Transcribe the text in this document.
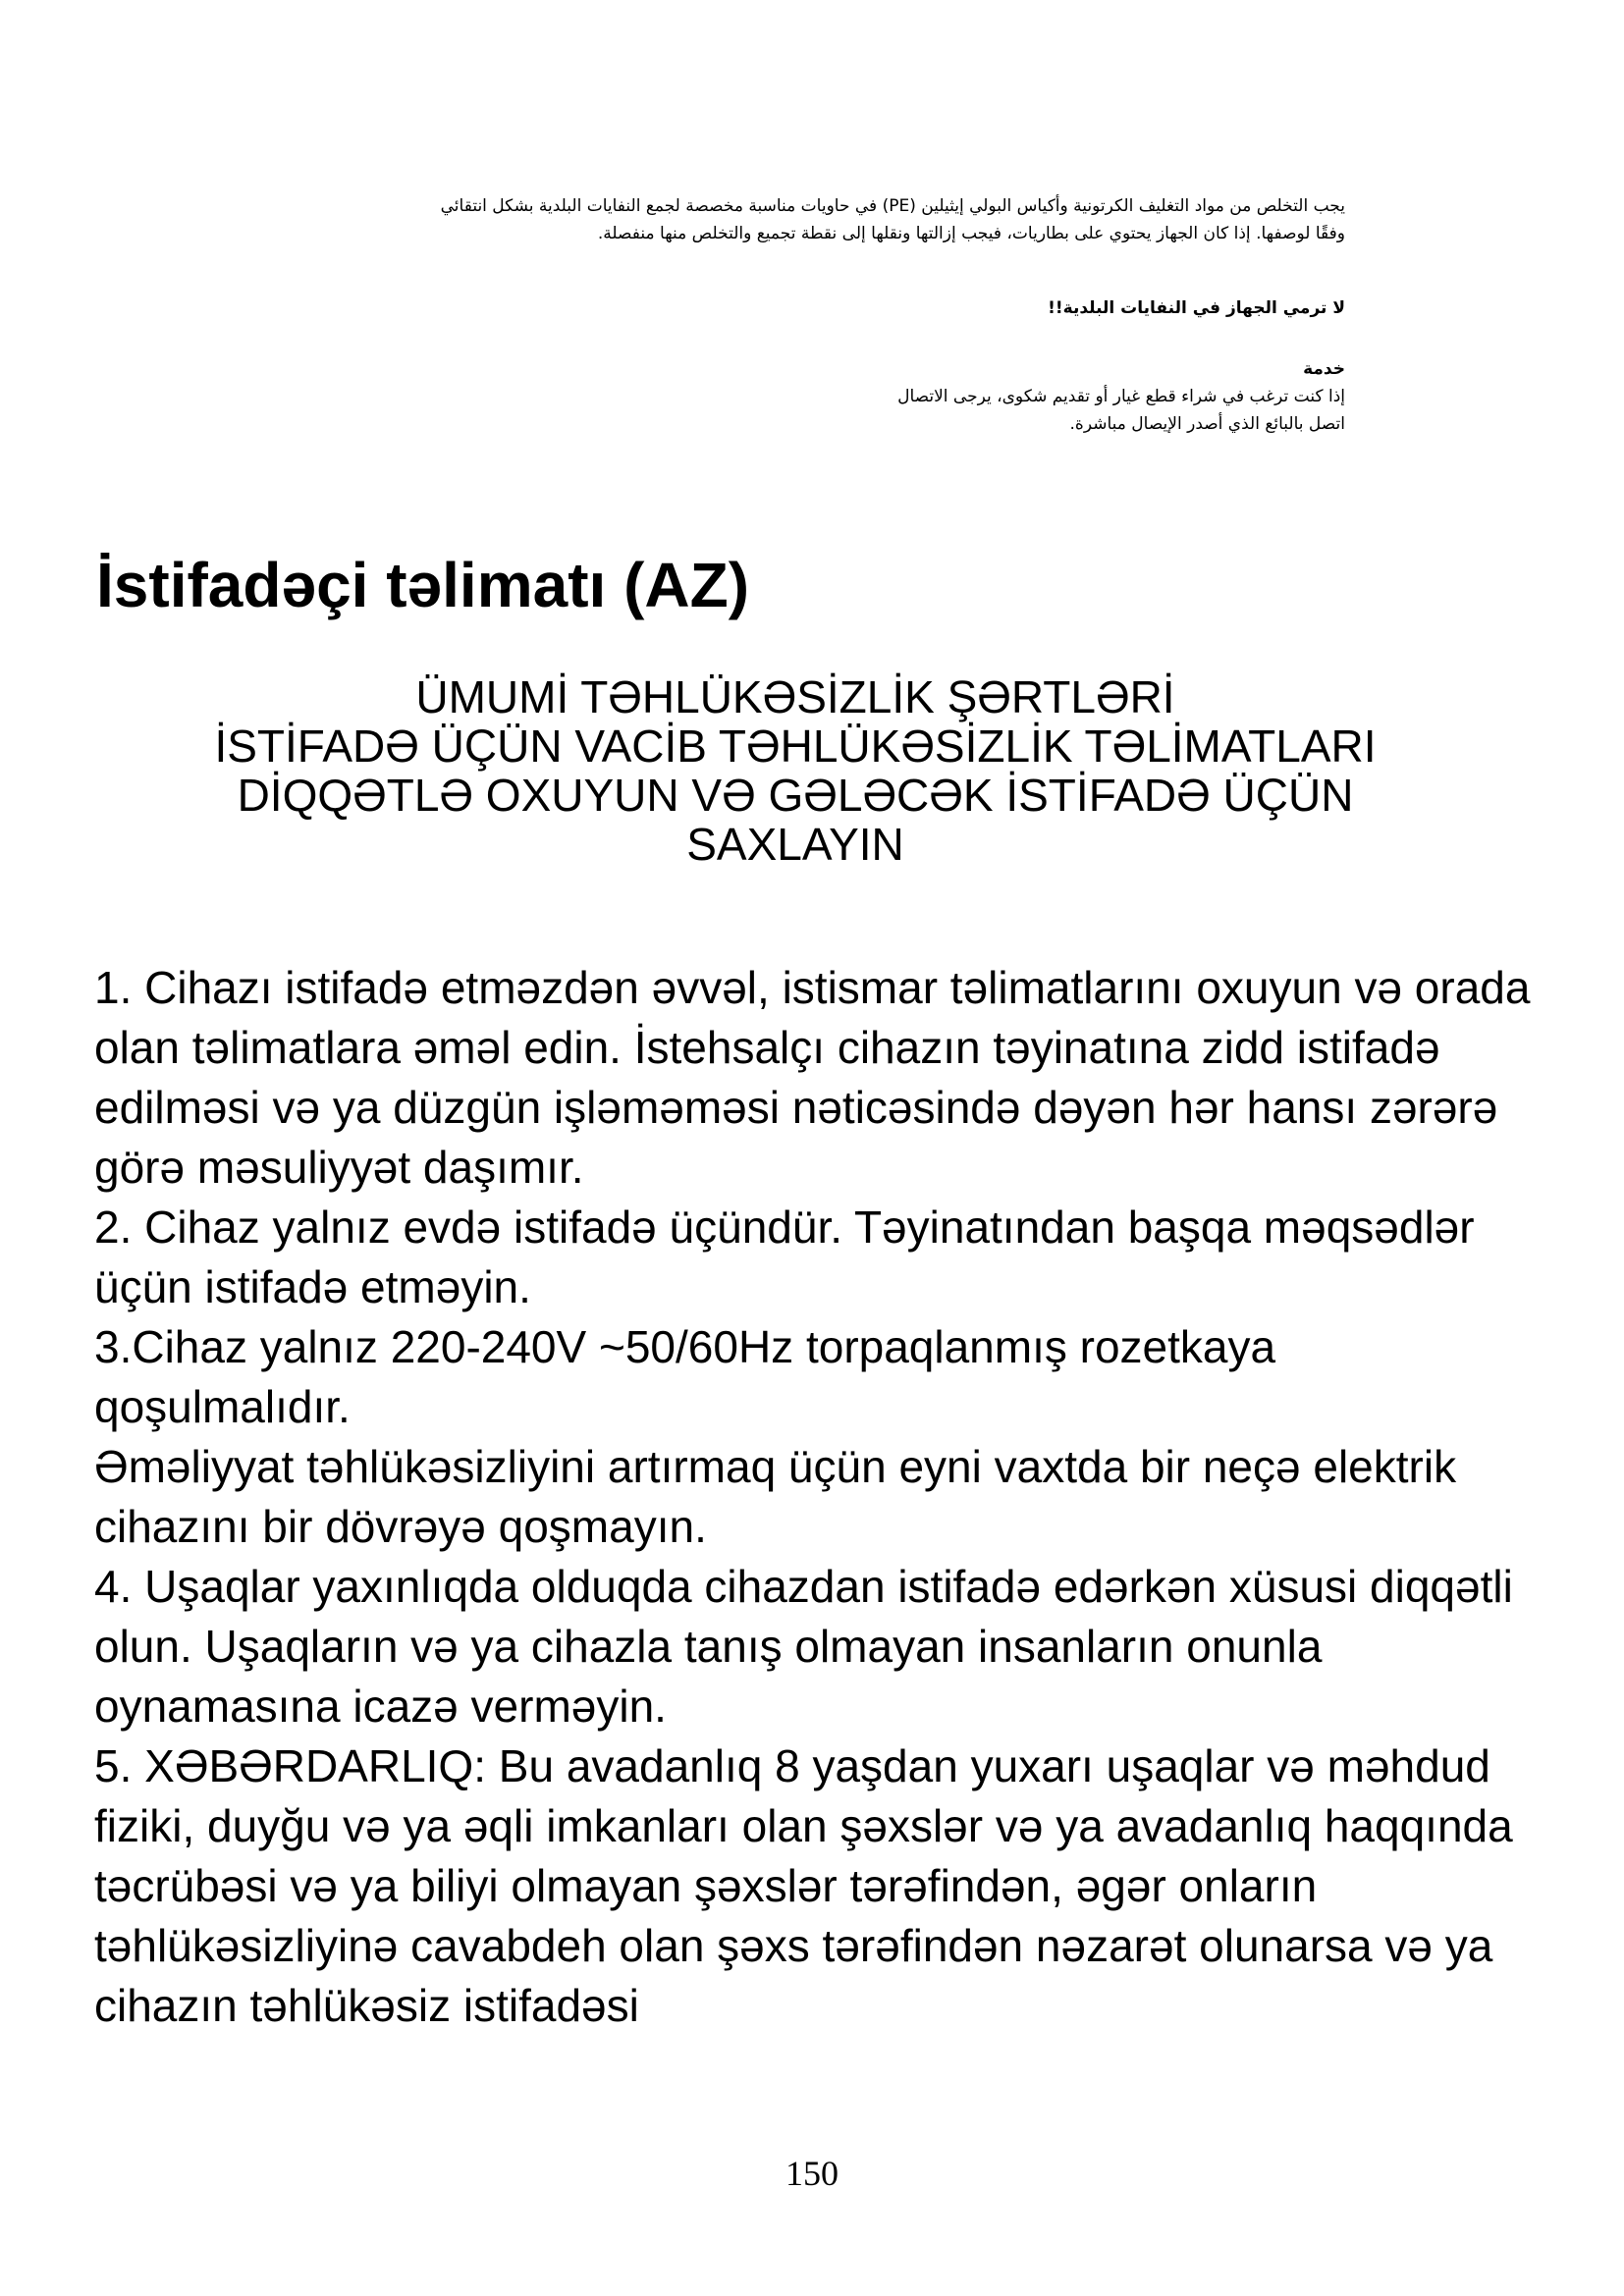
يجب التخلص من مواد التغليف الكرتونية وأكياس البولي إيثيلين (PE) في حاويات مناسبة مخصصة لجمع النفايات البلدية بشكل انتقائي

وفقًا لوصفها. إذا كان الجهاز يحتوي على بطاريات، فيجب إزالتها ونقلها إلى نقطة تجميع والتخلص منها منفصلة.

لا ترمي الجهاز في النفايات البلدية!!

خدمة

إذا كنت ترغب في شراء قطع غيار أو تقديم شكوى، يرجى الاتصال

اتصل بالبائع الذي أصدر الإيصال مباشرة.

İstifadəçi təlimatı (AZ)
ÜMUMİ TƏHLÜKƏSİZLİK ŞƏRTLƏRİ
İSTİFADƏ ÜÇÜN VACİB TƏHLÜKƏSİZLİK TƏLİMATLARI
DİQQƏTLƏ OXUYUN VƏ GƏLƏCƏK İSTİFADƏ ÜÇÜN
SAXLAYIN

1. Cihazı istifadə etməzdən əvvəl, istismar təlimatlarını oxuyun və orada olan təlimatlara əməl edin. İstehsalçı cihazın təyinatına zidd istifadə edilməsi və ya düzgün işləməməsi nəticəsində dəyən hər hansı zərərə görə məsuliyyət daşımır.

2. Cihaz yalnız evdə istifadə üçündür. Təyinatından başqa məqsədlər üçün istifadə etməyin.

3.Cihaz yalnız 220-240V ~50/60Hz torpaqlanmış rozetkaya qoşulmalıdır.

Əməliyyat təhlükəsizliyini artırmaq üçün eyni vaxtda bir neçə elektrik cihazını bir dövrəyə qoşmayın.

4. Uşaqlar yaxınlıqda olduqda cihazdan istifadə edərkən xüsusi diqqətli olun. Uşaqların və ya cihazla tanış olmayan insanların onunla oynamasına icazə verməyin.

5. XƏBƏRDARLIQ: Bu avadanlıq 8 yaşdan yuxarı uşaqlar və məhdud fiziki, duyğu və ya əqli imkanları olan şəxslər və ya avadanlıq haqqında təcrübəsi və ya biliyi olmayan şəxslər tərəfindən, əgər onların təhlükəsizliyinə cavabdeh olan şəxs tərəfindən nəzarət olunarsa və ya cihazın təhlükəsiz istifadəsi

150
